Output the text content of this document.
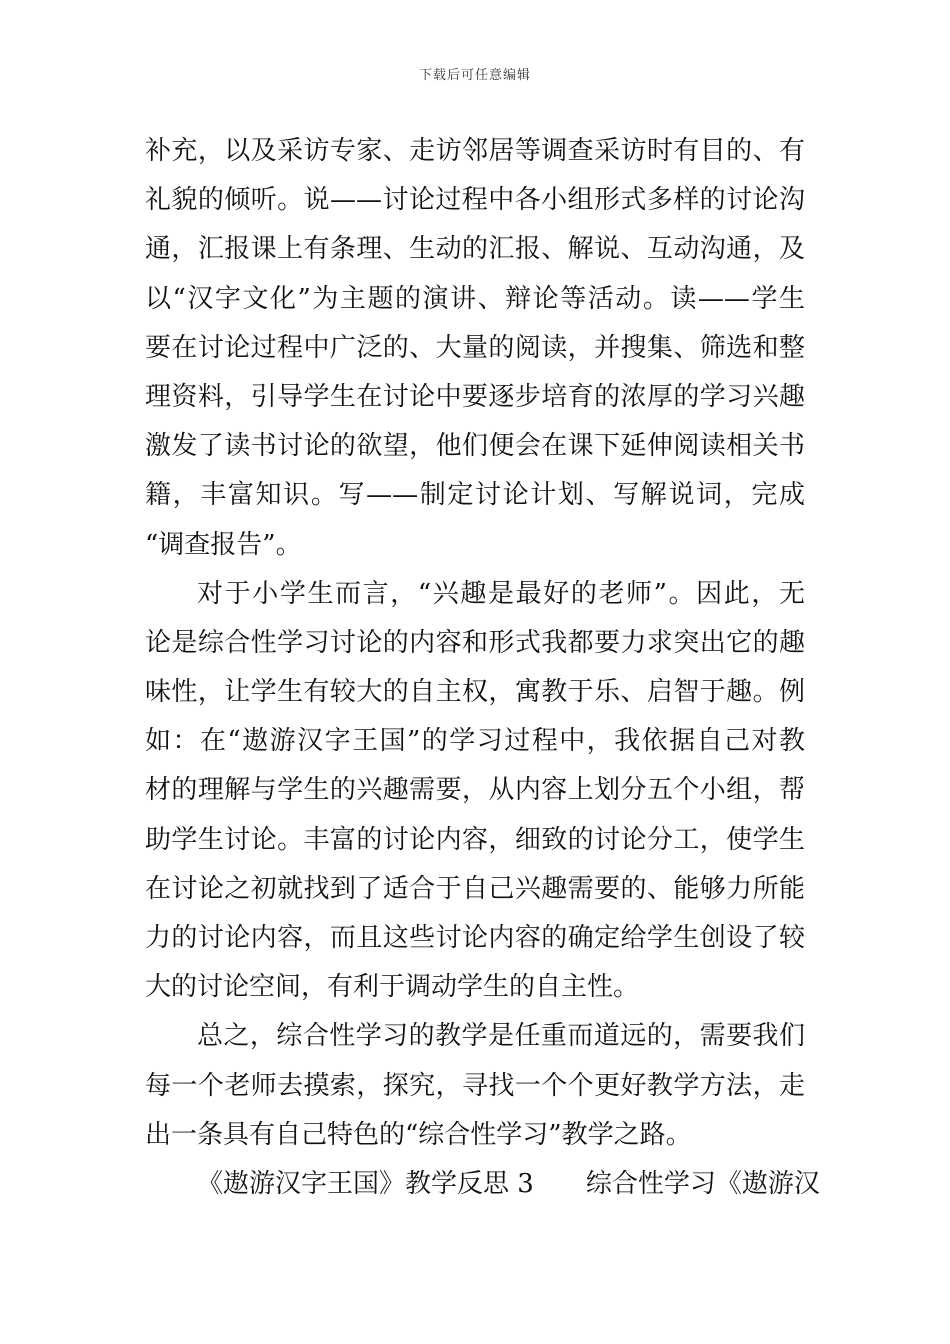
下载后可任意编辑
补充，以及采访专家、走访邻居等调查采访时有目的、有
礼貌的倾听。说——讨论过程中各小组形式多样的讨论沟
通，汇报课上有条理、生动的汇报、解说、互动沟通，及
以“汉字文化”为主题的演讲、辩论等活动。读——学生
要在讨论过程中广泛的、大量的阅读，并搜集、筛选和整
理资料，引导学生在讨论中要逐步培育的浓厚的学习兴趣
激发了读书讨论的欲望，他们便会在课下延伸阅读相关书
籍，丰富知识。写——制定讨论计划、写解说词，完成
“调查报告”。
对于小学生而言，“兴趣是最好的老师”。因此，无
论是综合性学习讨论的内容和形式我都要力求突出它的趣
味性，让学生有较大的自主权，寓教于乐、启智于趣。例
如：在“遨游汉字王国”的学习过程中，我依据自己对教
材的理解与学生的兴趣需要，从内容上划分五个小组，帮
助学生讨论。丰富的讨论内容，细致的讨论分工，使学生
在讨论之初就找到了适合于自己兴趣需要的、能够力所能
力的讨论内容，而且这些讨论内容的确定给学生创设了较
大的讨论空间，有利于调动学生的自主性。
总之，综合性学习的教学是任重而道远的，需要我们
每一个老师去摸索，探究，寻找一个个更好教学方法，走
出一条具有自己特色的“综合性学习”教学之路。
《遨游汉字王国》教学反思 3 综合性学习《遨游汉
